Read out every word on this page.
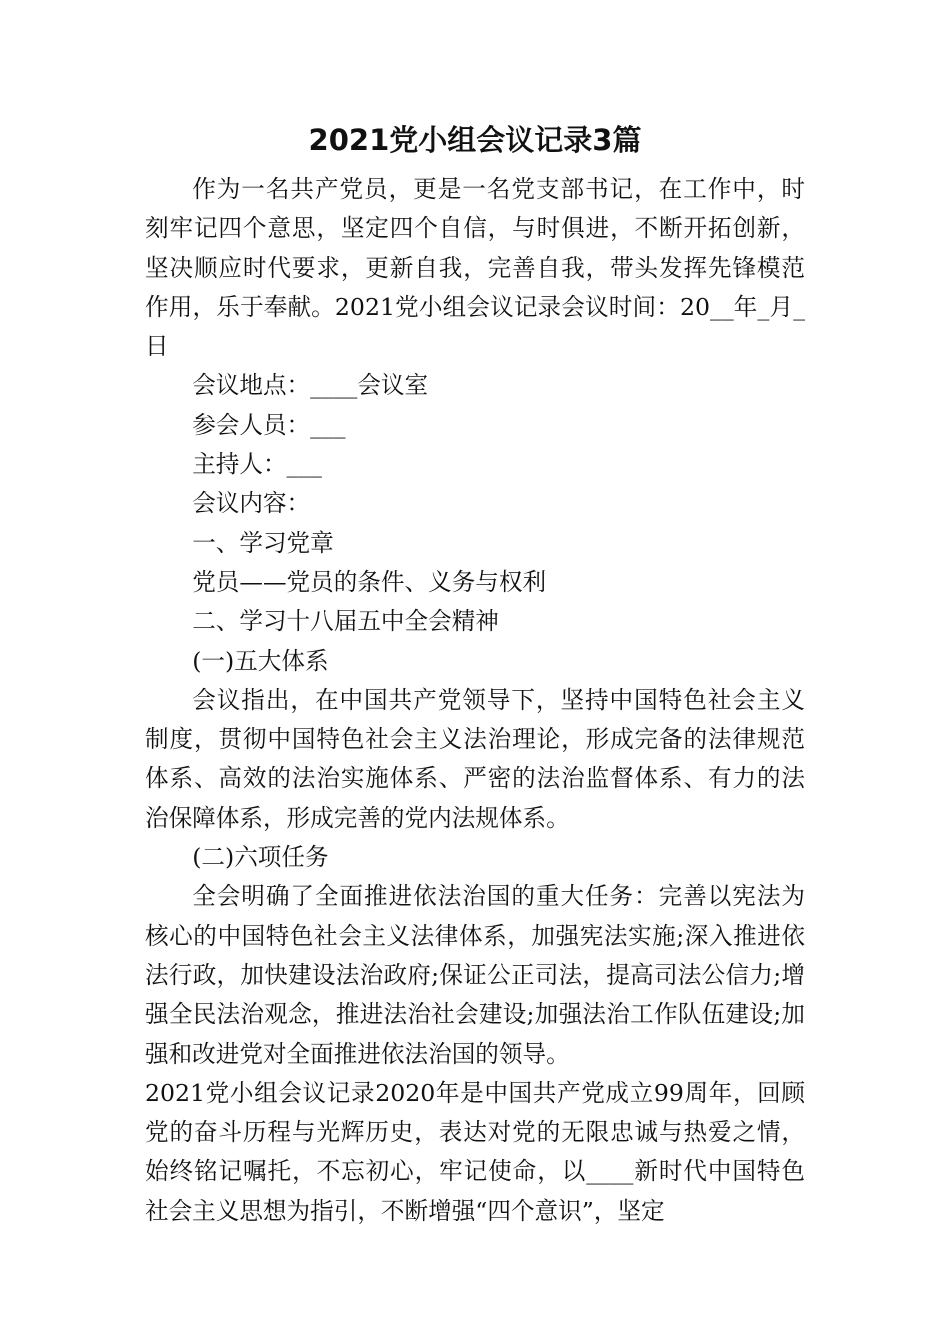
2021党小组会议记录3篇

作为一名共产党员，更是一名党支部书记，在工作中，时刻牢记四个意思，坚定四个自信，与时俱进，不断开拓创新，坚决顺应时代要求，更新自我，完善自我，带头发挥先锋模范作用，乐于奉献。2021党小组会议记录会议时间：20__年_月_日

会议地点：____会议室

参会人员：___

主持人：___

会议内容：

一、学习党章

党员——党员的条件、义务与权利

二、学习十八届五中全会精神

(一)五大体系

会议指出，在中国共产党领导下，坚持中国特色社会主义制度，贯彻中国特色社会主义法治理论，形成完备的法律规范体系、高效的法治实施体系、严密的法治监督体系、有力的法治保障体系，形成完善的党内法规体系。

(二)六项任务

全会明确了全面推进依法治国的重大任务：完善以宪法为核心的中国特色社会主义法律体系，加强宪法实施;深入推进依法行政，加快建设法治政府;保证公正司法，提高司法公信力;增强全民法治观念，推进法治社会建设;加强法治工作队伍建设;加强和改进党对全面推进依法治国的领导。

2021党小组会议记录2020年是中国共产党成立99周年，回顾党的奋斗历程与光辉历史，表达对党的无限忠诚与热爱之情，始终铭记嘱托，不忘初心，牢记使命，以____新时代中国特色社会主义思想为指引，不断增强“四个意识”，坚定
